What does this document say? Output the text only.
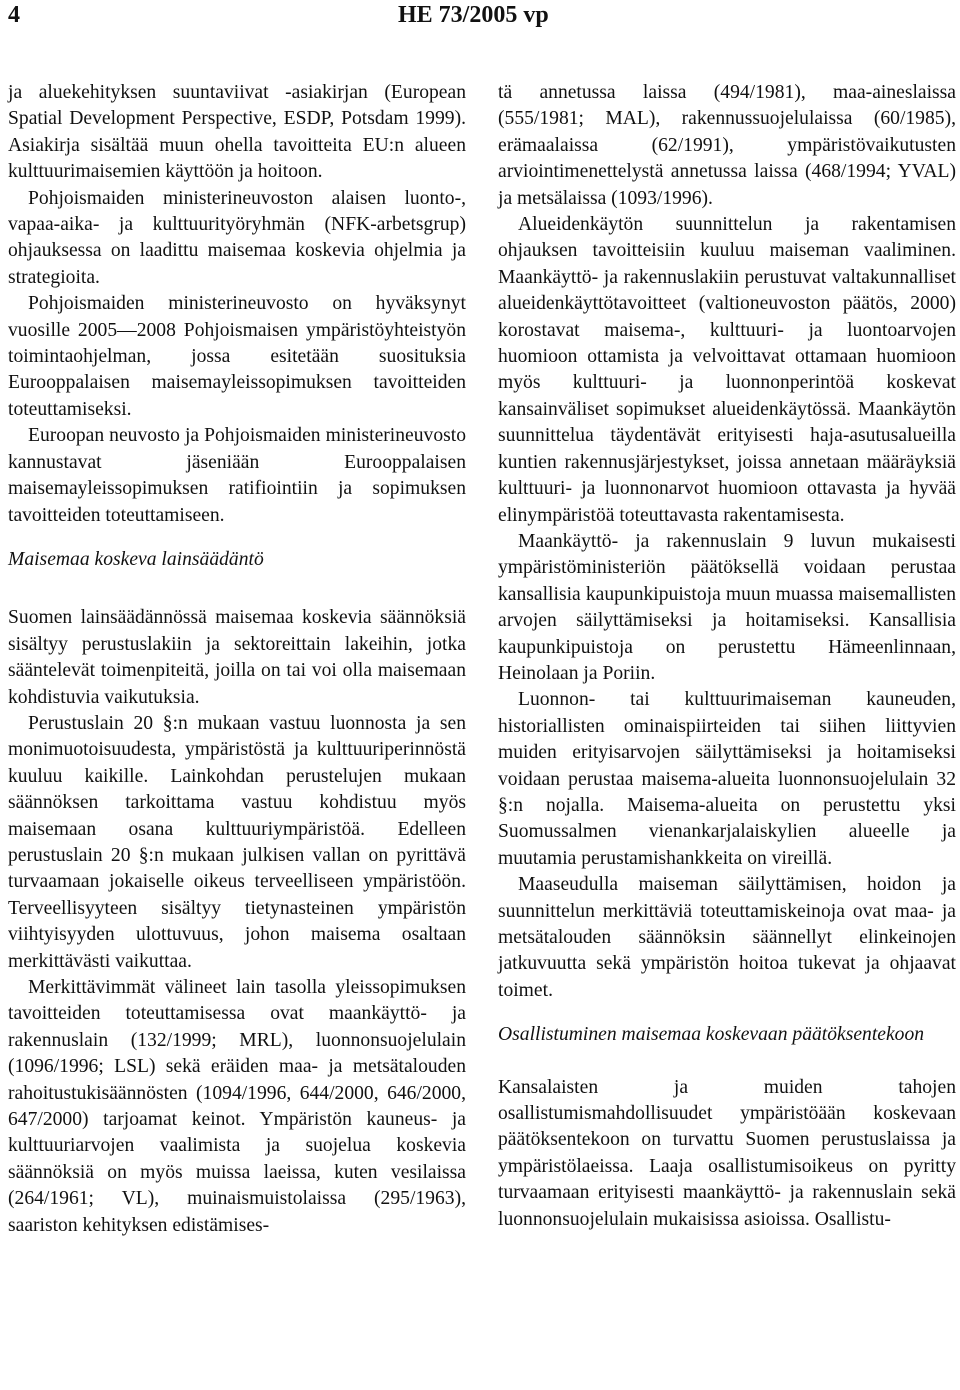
4	HE 73/2005 vp

ja aluekehityksen suuntaviivat -asiakirjan (European Spatial Development Perspective, ESDP, Potsdam 1999). Asiakirja sisältää muun ohella tavoitteita EU:n alueen kulttuurimaisemien käyttöön ja hoitoon.

Pohjoismaiden ministerineuvoston alaisen luonto-, vapaa-aika- ja kulttuurityöryhmän (NFK-arbetsgrup) ohjauksessa on laadittu maisemaa koskevia ohjelmia ja strategioita.

Pohjoismaiden ministerineuvosto on hyväksynyt vuosille 2005—2008 Pohjoismaisen ympäristöyhteistyön toimintaohjelman, jossa esitetään suosituksia Eurooppalaisen maisemayleissopimuksen tavoitteiden toteuttamiseksi.

Euroopan neuvosto ja Pohjoismaiden ministerineuvosto kannustavat jäseniään Eurooppalaisen maisemayleissopimuksen ratifiointiin ja sopimuksen tavoitteiden toteuttamiseen.

Maisemaa koskeva lainsäädäntö

Suomen lainsäädännössä maisemaa koskevia säännöksiä sisältyy perustuslakiin ja sektoreittain lakeihin, jotka sääntelevät toimenpiteitä, joilla on tai voi olla maisemaan kohdistuvia vaikutuksia.

Perustuslain 20 §:n mukaan vastuu luonnosta ja sen monimuotoisuudesta, ympäristöstä ja kulttuuriperinnöstä kuuluu kaikille. Lainkohdan perustelujen mukaan säännöksen tarkoittama vastuu kohdistuu myös maisemaan osana kulttuuriympäristöä. Edelleen perustuslain 20 §:n mukaan julkisen vallan on pyrittävä turvaamaan jokaiselle oikeus terveelliseen ympäristöön. Terveellisyyteen sisältyy tietynasteinen ympäristön viihtyisyyden ulottuvuus, johon maisema osaltaan merkittävästi vaikuttaa.

Merkittävimmät välineet lain tasolla yleissopimuksen tavoitteiden toteuttamisessa ovat maankäyttö- ja rakennuslain (132/1999; MRL), luonnonsuojelulain (1096/1996; LSL) sekä eräiden maa- ja metsätalouden rahoitustukisäännösten (1094/1996, 644/2000, 646/2000, 647/2000) tarjoamat keinot. Ympäristön kauneus- ja kulttuuriarvojen vaalimista ja suojelua koskevia säännöksiä on myös muissa laeissa, kuten vesilaissa (264/1961; VL), muinaismuistolaissa (295/1963), saariston kehityksen edistämises-

tä annetussa laissa (494/1981), maa-aineslaissa (555/1981; MAL), rakennussuojelulaissa (60/1985), erämaalaissa (62/1991), ympäristövaikutusten arviointimenettelystä annetussa laissa (468/1994; YVAL) ja metsälaissa (1093/1996).

Alueidenkäytön suunnittelun ja rakentamisen ohjauksen tavoitteisiin kuuluu maiseman vaaliminen. Maankäyttö- ja rakennuslakiin perustuvat valtakunnalliset alueidenkäyttötavoitteet (valtioneuvoston päätös, 2000) korostavat maisema-, kulttuuri- ja luontoarvojen huomioon ottamista ja velvoittavat ottamaan huomioon myös kulttuuri- ja luonnonperintöä koskevat kansainväliset sopimukset alueidenkäytössä. Maankäytön suunnittelua täydentävät erityisesti haja-asutusalueilla kuntien rakennusjärjestykset, joissa annetaan määräyksiä kulttuuri- ja luonnonarvot huomioon ottavasta ja hyvää elinympäristöä toteuttavasta rakentamisesta.

Maankäyttö- ja rakennuslain 9 luvun mukaisesti ympäristöministeriön päätöksellä voidaan perustaa kansallisia kaupunkipuistoja muun muassa maisemallisten arvojen säilyttämiseksi ja hoitamiseksi. Kansallisia kaupunkipuistoja on perustettu Hämeenlinnaan, Heinolaan ja Poriin.

Luonnon- tai kulttuurimaiseman kauneuden, historiallisten ominaispiirteiden tai siihen liittyvien muiden erityisarvojen säilyttämiseksi ja hoitamiseksi voidaan perustaa maisema-alueita luonnonsuojelulain 32 §:n nojalla. Maisema-alueita on perustettu yksi Suomussalmen vienankarjalaiskylien alueelle ja muutamia perustamishankkeita on vireillä.

Maaseudulla maiseman säilyttämisen, hoidon ja suunnittelun merkittäviä toteuttamiskeinoja ovat maa- ja metsätalouden säännöksin säännellyt elinkeinojen jatkuvuutta sekä ympäristön hoitoa tukevat ja ohjaavat toimet.

Osallistuminen maisemaa koskevaan päätöksentekoon

Kansalaisten ja muiden tahojen osallistumismahdollisuudet ympäristöään koskevaan päätöksentekoon on turvattu Suomen perustuslaissa ja ympäristölaeissa. Laaja osallistumisoikeus on pyritty turvaamaan erityisesti maankäyttö- ja rakennuslain sekä luonnonsuojelulain mukaisissa asioissa. Osallistu-
